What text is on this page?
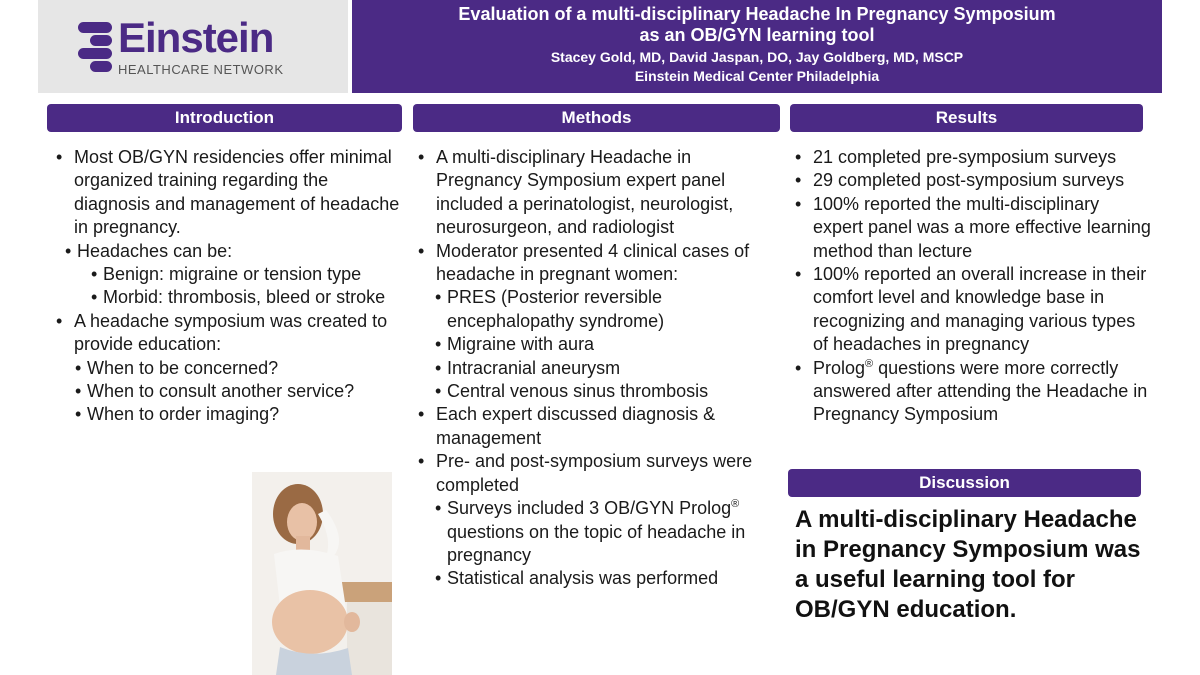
Einstein
HEALTHCARE NETWORK
Evaluation of a multi-disciplinary Headache In Pregnancy Symposium
as an OB/GYN learning tool
Stacey Gold, MD, David Jaspan, DO, Jay Goldberg, MD, MSCP
Einstein Medical Center Philadelphia
Introduction	Methods	Results
Discussion
• Most OB/GYN residencies offer minimal organized training regarding the diagnosis and management of headache in pregnancy.
• Headaches can be:
• Benign: migraine or tension type
• Morbid: thrombosis, bleed or stroke
• A headache symposium was created to provide education:
• When to be concerned?
• When to consult another service?
• When to order imaging?
• A multi-disciplinary Headache in Pregnancy Symposium expert panel included a perinatologist, neurologist, neurosurgeon, and radiologist
• Moderator presented 4 clinical cases of headache in pregnant women:
• PRES (Posterior reversible encephalopathy syndrome)
• Migraine with aura
• Intracranial aneurysm
• Central venous sinus thrombosis
• Each expert discussed diagnosis & management
• Pre- and post-symposium surveys were completed
• Surveys included 3 OB/GYN Prolog® questions on the topic of headache in pregnancy
• Statistical analysis was performed
• 21 completed pre-symposium surveys
• 29 completed post-symposium surveys
• 100% reported the multi-disciplinary expert panel was a more effective learning method than lecture
• 100% reported an overall increase in their comfort level and knowledge base in recognizing and managing various types of headaches in pregnancy
• Prolog® questions were more correctly answered after attending the Headache in Pregnancy Symposium
A multi-disciplinary Headache in Pregnancy Symposium was a useful learning tool for OB/GYN education.
